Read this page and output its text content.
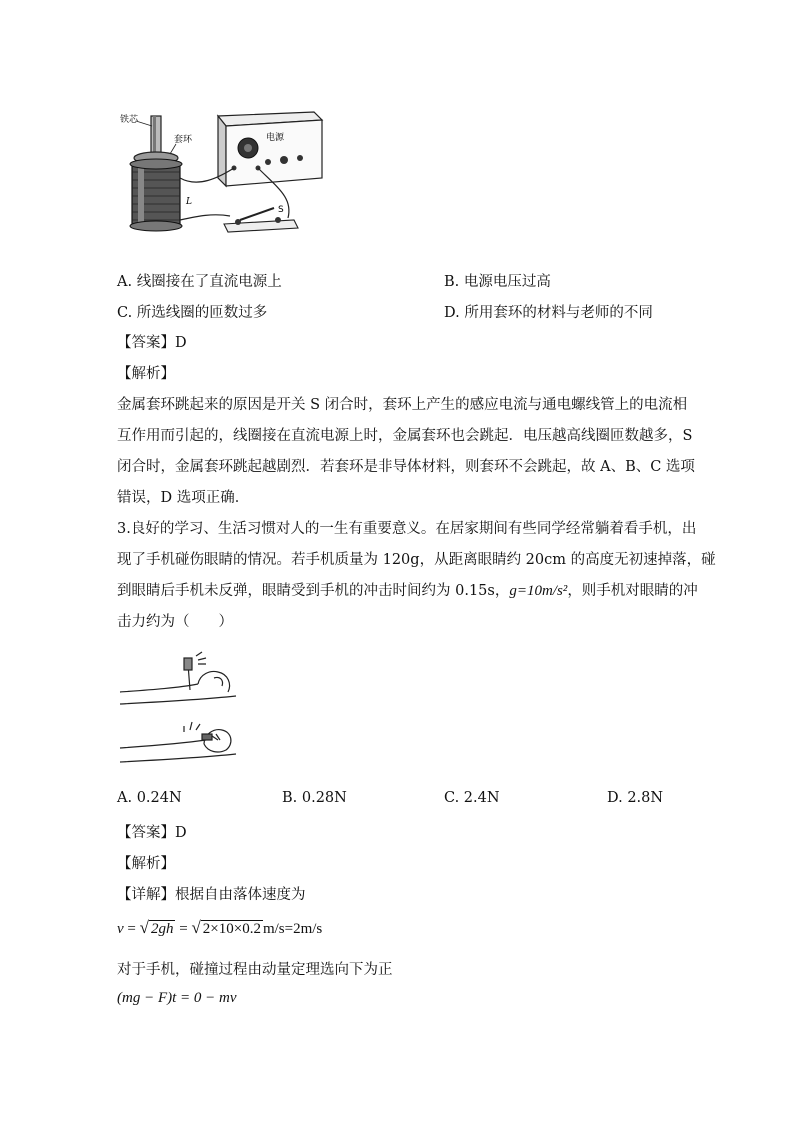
铁芯
套环
L
电源
S
A. 线圈接在了直流电源上	B. 电源电压过高
C. 所选线圈的匝数过多	D. 所用套环的材料与老师的不同
【答案】D
【解析】
金属套环跳起来的原因是开关 S 闭合时，套环上产生的感应电流与通电螺线管上的电流相
互作用而引起的，线圈接在直流电源上时，金属套环也会跳起．电压越高线圈匝数越多，S
闭合时，金属套环跳起越剧烈．若套环是非导体材料，则套环不会跳起，故 A、B、C 选项
错误，D 选项正确．
3.良好的学习、生活习惯对人的一生有重要意义。在居家期间有些同学经常躺着看手机，出
现了手机碰伤眼睛的情况。若手机质量为 120g，从距离眼睛约 20cm 的高度无初速掉落，碰
到眼睛后手机未反弹，眼睛受到手机的冲击时间约为 0.15s，g=10m/s²，则手机对眼睛的冲
击力约为（　　）
A. 0.24N	B. 0.28N	C. 2.4N	D. 2.8N
【答案】D
【解析】
【详解】根据自由落体速度为
v = √ 2gh = √ 2×10×0.2 m/s=2m/s
对于手机，碰撞过程由动量定理选向下为正
(mg − F)t = 0 − mv
